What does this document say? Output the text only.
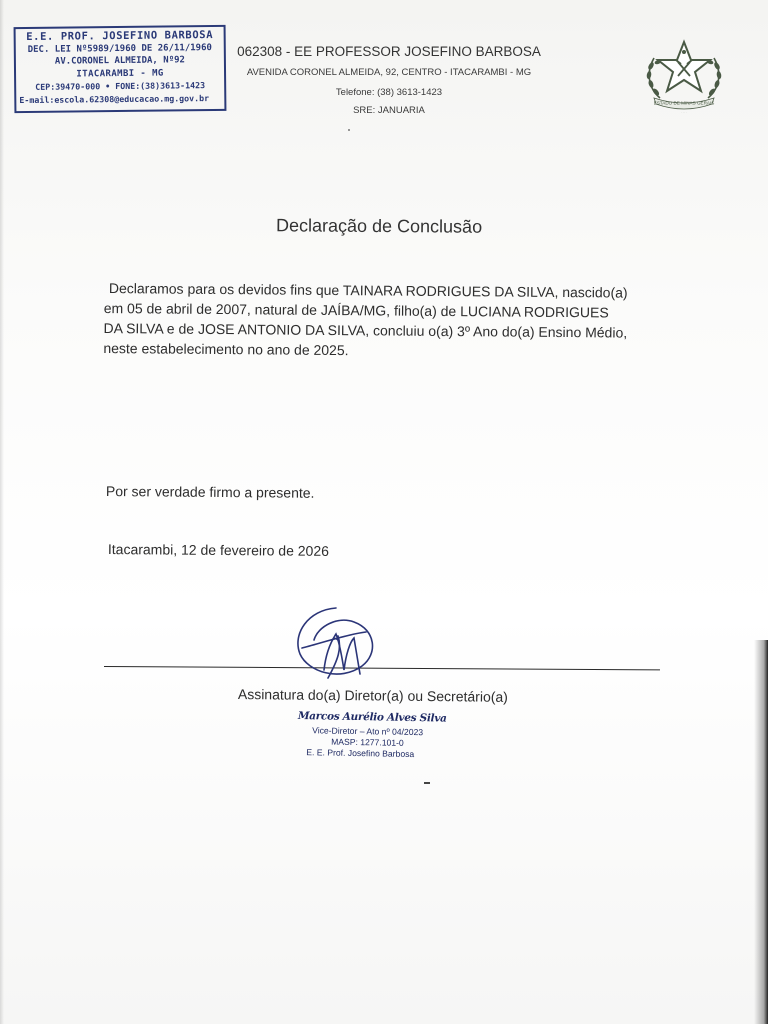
E.E. PROF. JOSEFINO BARBOSA
DEC. LEI Nº5989/1960 DE 26/11/1960
AV.CORONEL ALMEIDA, Nº92
ITACARAMBI - MG
CEP:39470-000 • FONE:(38)3613-1423
E-mail:escola.62308@educacao.mg.gov.br
062308 - EE PROFESSOR JOSEFINO BARBOSA
AVENIDA CORONEL ALMEIDA, 92, CENTRO - ITACARAMBI - MG
Telefone: (38) 3613-1423
SRE: JANUARIA
ESTADO DE MINAS GERAIS
· · · ·
Declaração de Conclusão
Declaramos para os devidos fins que TAINARA RODRIGUES DA SILVA, nascido(a)
em 05 de abril de 2007, natural de JAÍBA/MG, filho(a) de LUCIANA RODRIGUES
DA SILVA e de JOSE ANTONIO DA SILVA, concluiu o(a) 3º Ano do(a) Ensino Médio,
neste estabelecimento no ano de 2025.
Por ser verdade firmo a presente.
Itacarambi, 12 de fevereiro de 2026
Assinatura do(a) Diretor(a) ou Secretário(a)
Marcos Aurélio Alves Silva
Vice-Diretor – Ato nº 04/2023
MASP: 1277.101-0
E. E. Prof. Josefino Barbosa
